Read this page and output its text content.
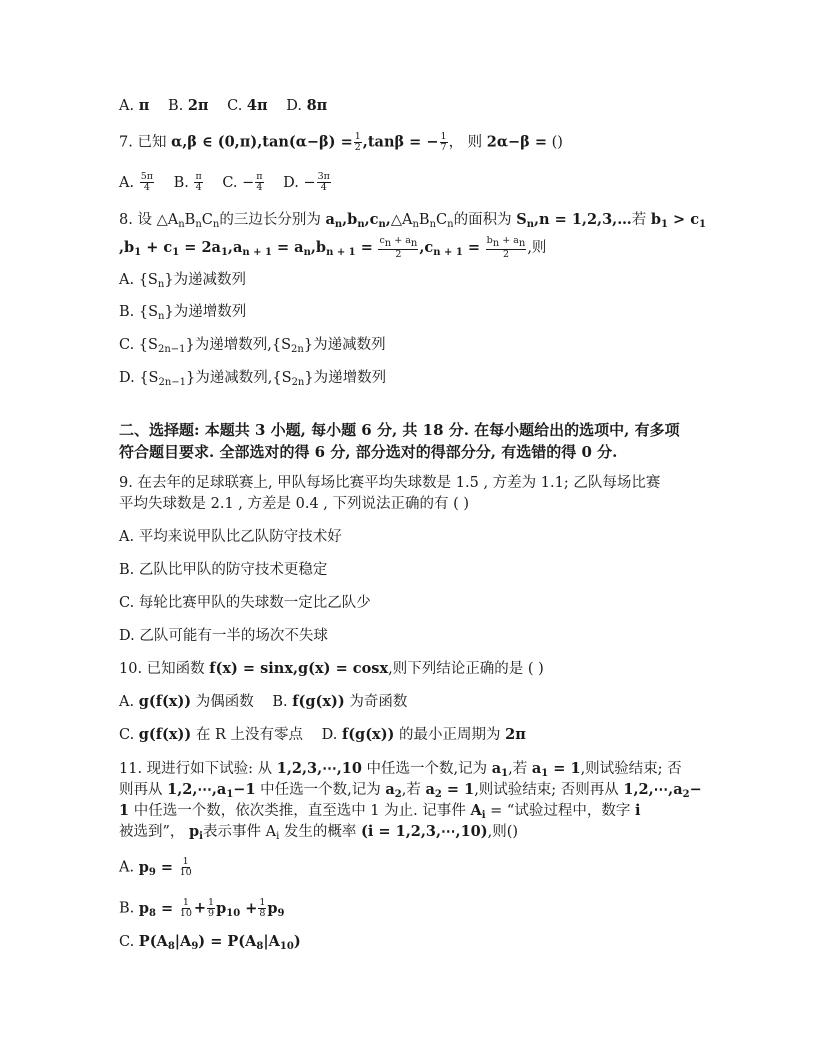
A. π B. 2π C. 4π D. 8π
7. 已知 α,β ∈ $(0,\pi),\tan(\alpha-\beta) = \frac{1}{2} ,\tan\beta$ = − $\frac{1}{7}$ ， 则 2α−β = ()
A. $\frac{5\pi}{4} B$. $\frac{\pi}{4} C$. − $\frac{\pi}{4} D$. − $\frac{3\pi}{4}$
8. 设 $\triangle A_nB_nC_n$的三边长分别为 $a_n,b_n,c_n,\triangle A_nB_nC_n$的面积为 $S_n,n$ = 1,2,3,…若 $b_1 > c_1$
$,b_1 + c_1 = 2a_1,a_{n + 1} = a_n,b_{n + 1} = \frac{cn + an}{2} ,c_{n + 1} = \frac{bn + an}{2}$ ,则
A. $\{S_n\}$为递减数列
B. $\{S_n\}$为递增数列
C. $\{S_{2n-1}\}$为递增数列$,\{S_{2n}\}$为递减数列
D. $\{S_{2n-1}\}$为递减数列$,\{S_{2n}\}$为递增数列
二、选择题: 本题共 3 小题, 每小题 6 分, 共 18 分. 在每小题给出的选项中, 有多项
符合题目要求. 全部选对的得 6 分, 部分选对的得部分分, 有选错的得 0 分.
9. 在去年的足球联赛上, 甲队每场比赛平均失球数是 1.5 , 方差为 1.1; 乙队每场比赛
平均失球数是 2.1 , 方差是 0.4 , 下列说法正确的有 ( )
A. 平均来说甲队比乙队防守技术好
B. 乙队比甲队的防守技术更稳定
C. 每轮比赛甲队的失球数一定比乙队少
D. 乙队可能有一半的场次不失球
10. 已知函数 f(x) = sinx,g(x) = cosx,则下列结论正确的是 ( )
A. g(f(x)) 为偶函数 B. f(g(x)) 为奇函数
C. g(f(x)) 在 R 上没有零点 D. f(g(x)) 的最小正周期为 2π
11. 现进行如下试验: 从 1,2,3,⋯,10 中任选一个数,记为 $a_1$,若 $a_1 = 1$,则试验结束; 否
则再从 $1,2,\cdots,a_1-1$ 中任选一个数,记为 $a_2$,若 $a_2 = 1$,则试验结束; 否则再从 $1,2,\cdots,a_2-$
1 中任选一个数，依次类推，直至选中 1 为止. 记事件 $A_i$ = “试验过程中，数字 i
被选到”， $p_i$表示事件 $A_i$ 发生的概率 (i = 1,2,3,⋯,10),则()
A. $p_9 = \frac{1}{10}$
B. $p_8 = \frac{1}{10} + \frac{1}{9} p_{10} + \frac{1}{8} p_9$
C. $P(A_8|A_9) = P(A_8|A_{10})$
